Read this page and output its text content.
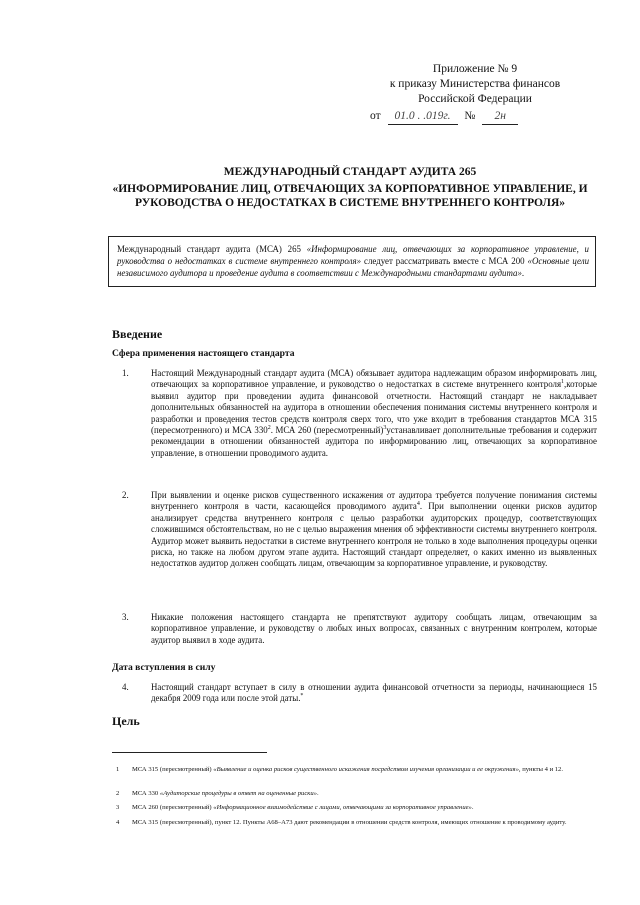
Приложение № 9
к приказу Министерства финансов
Российской Федерации
от 01.0 . .019г. № 2н
МЕЖДУНАРОДНЫЙ СТАНДАРТ АУДИТА 265
«ИНФОРМИРОВАНИЕ ЛИЦ, ОТВЕЧАЮЩИХ ЗА КОРПОРАТИВНОЕ УПРАВЛЕНИЕ, И РУКОВОДСТВА О НЕДОСТАТКАХ В СИСТЕМЕ ВНУТРЕННЕГО КОНТРОЛЯ»
Международный стандарт аудита (МСА) 265 «Информирование лиц, отвечающих за корпоративное управление, и руководства о недостатках в системе внутреннего контроля» следует рассматривать вместе с МСА 200 «Основные цели независимого аудитора и проведение аудита в соответствии с Международными стандартами аудита».
Введение
Сфера применения настоящего стандарта
1.	Настоящий Международный стандарт аудита (МСА) обязывает аудитора надлежащим образом информировать лиц, отвечающих за корпоративное управление, и руководство о недостатках в системе внутреннего контроля$^1$,которые выявил аудитор при проведении аудита финансовой отчетности. Настоящий стандарт не накладывает дополнительных обязанностей на аудитора в отношении обеспечения понимания системы внутреннего контроля и разработки и проведения тестов средств контроля сверх того, что уже входит в требования стандартов МСА 315 (пересмотренного) и МСА $330^2$. МСА 260 (пересмотренный)$^3$устанавливает дополнительные требования и содержит рекомендации в отношении обязанностей аудитора по информированию лиц, отвечающих за корпоративное управление, в отношении проводимого аудита.
2.	При выявлении и оценке рисков существенного искажения от аудитора требуется получение понимания системы внутреннего контроля в части, касающейся проводимого аудита$^4$. При выполнении оценки рисков аудитор анализирует средства внутреннего контроля с целью разработки аудиторских процедур, соответствующих сложившимся обстоятельствам, но не с целью выражения мнения об эффективности системы внутреннего контроля. Аудитор может выявить недостатки в системе внутреннего контроля не только в ходе выполнения процедуры оценки риска, но также на любом другом этапе аудита. Настоящий стандарт определяет, о каких именно из выявленных недостатков аудитор должен сообщать лицам, отвечающим за корпоративное управление, и руководству.
3.	Никакие положения настоящего стандарта не препятствуют аудитору сообщать лицам, отвечающим за корпоративное управление, и руководству о любых иных вопросах, связанных с внутренним контролем, которые аудитор выявил в ходе аудита.
Дата вступления в силу
4.	Настоящий стандарт вступает в силу в отношении аудита финансовой отчетности за периоды, начинающиеся 15 декабря 2009 года или после этой даты.*
Цель
1 МСА 315 (пересмотренный) «Выявление и оценка рисков существенного искажения посредством изучения организации и ее окружения», пункты 4 и 12.
2 МСА 330 «Аудиторские процедуры в ответ на оцененные риски».
3 МСА 260 (пересмотренный) «Информационное взаимодействие с лицами, отвечающими за корпоративное управление».
4 МСА 315 (пересмотренный), пункт 12. Пункты А68–А73 дают рекомендации в отношении средств контроля, имеющих отношение к проводимому аудиту.
